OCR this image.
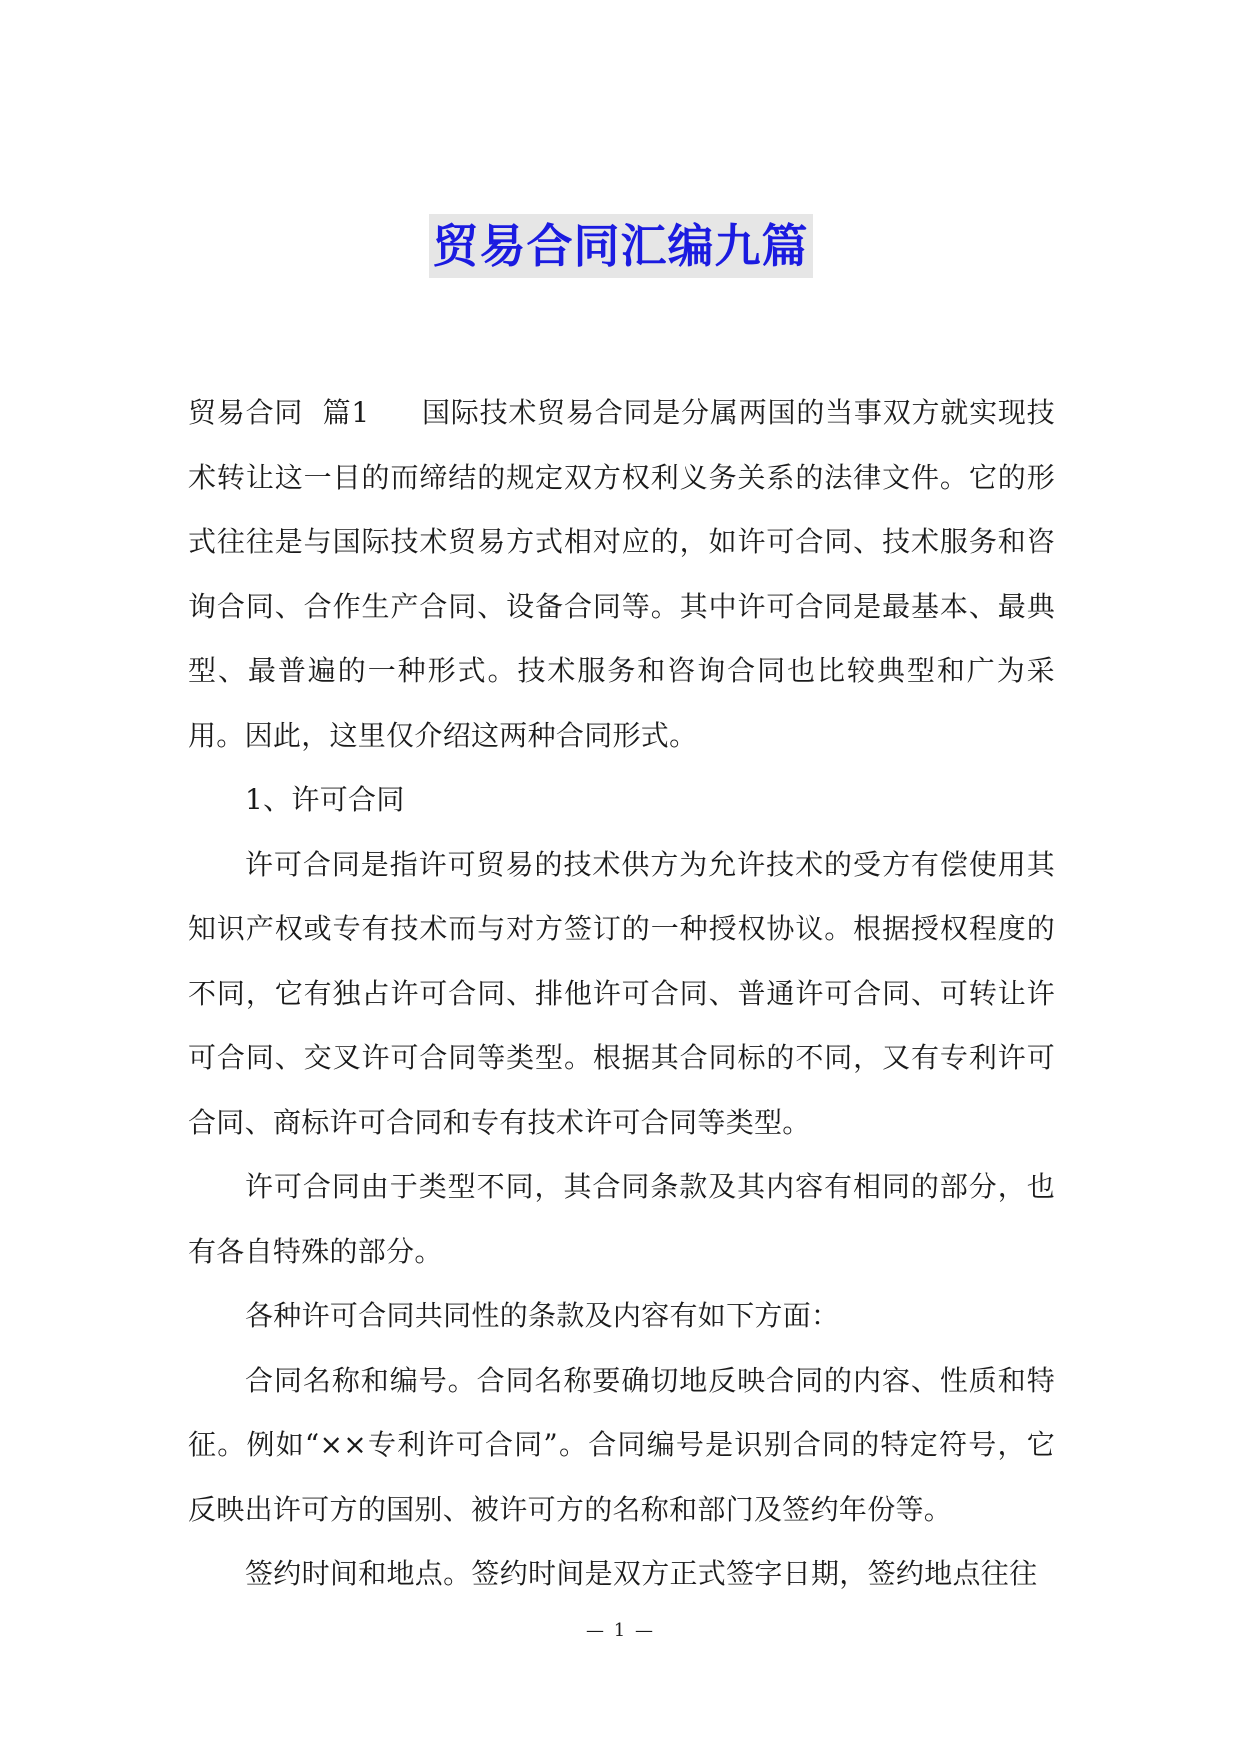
贸易合同汇编九篇

贸易合同  篇1 国际技术贸易合同是分属两国的当事双方就实现技术转让这一目的而缔结的规定双方权利义务关系的法律文件。它的形式往往是与国际技术贸易方式相对应的，如许可合同、技术服务和咨询合同、合作生产合同、设备合同等。其中许可合同是最基本、最典型、最普遍的一种形式。技术服务和咨询合同也比较典型和广为采用。因此，这里仅介绍这两种合同形式。

1、许可合同

许可合同是指许可贸易的技术供方为允许技术的受方有偿使用其知识产权或专有技术而与对方签订的一种授权协议。根据授权程度的不同，它有独占许可合同、排他许可合同、普通许可合同、可转让许可合同、交叉许可合同等类型。根据其合同标的不同，又有专利许可合同、商标许可合同和专有技术许可合同等类型。

许可合同由于类型不同，其合同条款及其内容有相同的部分，也有各自特殊的部分。

各种许可合同共同性的条款及内容有如下方面：

合同名称和编号。合同名称要确切地反映合同的内容、性质和特征。例如“××专利许可合同”。合同编号是识别合同的特定符号，它反映出许可方的国别、被许可方的名称和部门及签约年份等。

签约时间和地点。签约时间是双方正式签字日期，签约地点往往

— 1 —
